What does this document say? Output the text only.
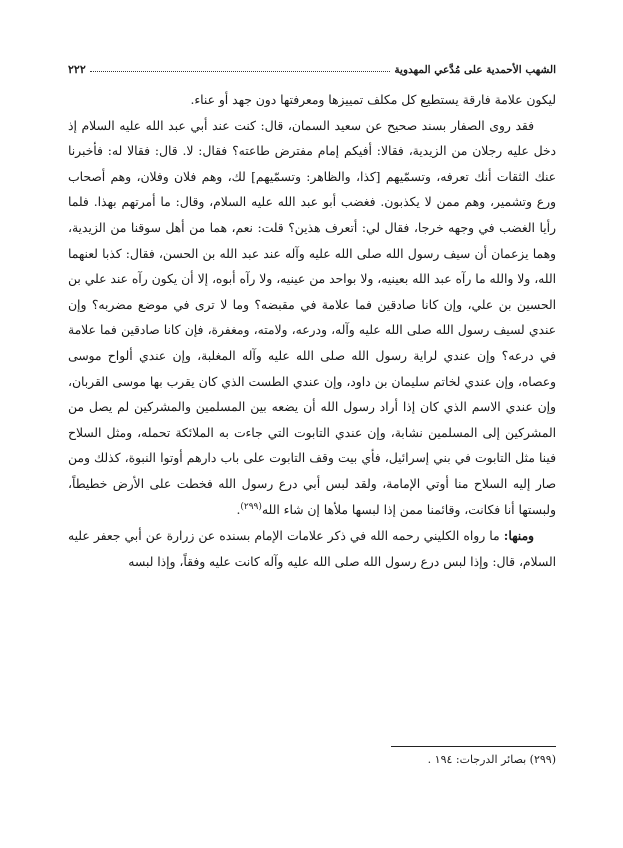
٢٢٢	الشهب الأحمدية على مُدَّعي المهدوية

ليكون علامة فارقة يستطيع كل مكلف تمييزها ومعرفتها دون جهد أو عناء.

فقد روى الصفار بسند صحيح عن سعيد السمان، قال: كنت عند أبي عبد الله عليه السلام إذ دخل عليه رجلان من الزيدية، فقالا: أفيكم إمام مفترض طاعته؟ فقال: لا. قال: فقالا له: فأخبرنا عنك الثقات أنك تعرفه، وتسمّيهم [كذا، والظاهر: وتسمّيهم] لك، وهم فلان وفلان، وهم أصحاب ورع وتشمير، وهم ممن لا يكذبون. فغضب أبو عبد الله عليه السلام، وقال: ما أمرتهم بهذا. فلما رأيا الغضب في وجهه خرجا، فقال لي: أتعرف هذين؟ قلت: نعم، هما من أهل سوقنا من الزيدية، وهما يزعمان أن سيف رسول الله صلى الله عليه وآله عند عبد الله بن الحسن، فقال: كذبا لعنهما الله، ولا والله ما رآه عبد الله بعينيه، ولا بواحد من عينيه، ولا رآه أبوه، إلا أن يكون رآه عند علي بن الحسين بن علي، وإن كانا صادقين فما علامة في مقبضه؟ وما لا ترى في موضع مضربه؟ وإن عندي لسيف رسول الله صلى الله عليه وآله، ودرعه، ولامته، ومغفرة، فإن كانا صادقين فما علامة في درعه؟ وإن عندي لراية رسول الله صلى الله عليه وآله المغلبة، وإن عندي ألواح موسى وعصاه، وإن عندي لخاتم سليمان بن داود، وإن عندي الطست الذي كان يقرب بها موسى القربان، وإن عندي الاسم الذي كان إذا أراد رسول الله أن يضعه بين المسلمين والمشركين لم يصل من المشركين إلى المسلمين نشابة، وإن عندي التابوت التي جاءت به الملائكة تحمله، ومثل السلاح فينا مثل التابوت في بني إسرائيل، فأي بيت وقف التابوت على باب دارهم أوتوا النبوة، كذلك ومن صار إليه السلاح منا أوتي الإمامة، ولقد لبس أبي درع رسول الله فخطت على الأرض خطيطاً، ولبستها أنا فكانت، وقائمنا ممن إذا لبسها ملأها إن شاء الله$^{(٢٩٩)}$.

ومنها: ما رواه الكليني رحمه الله في ذكر علامات الإمام بسنده عن زرارة عن أبي جعفر عليه السلام، قال: وإذا لبس درع رسول الله صلى الله عليه وآله كانت عليه وفقاً، وإذا لبسه

(٢٩٩) بصائر الدرجات: ١٩٤ .
